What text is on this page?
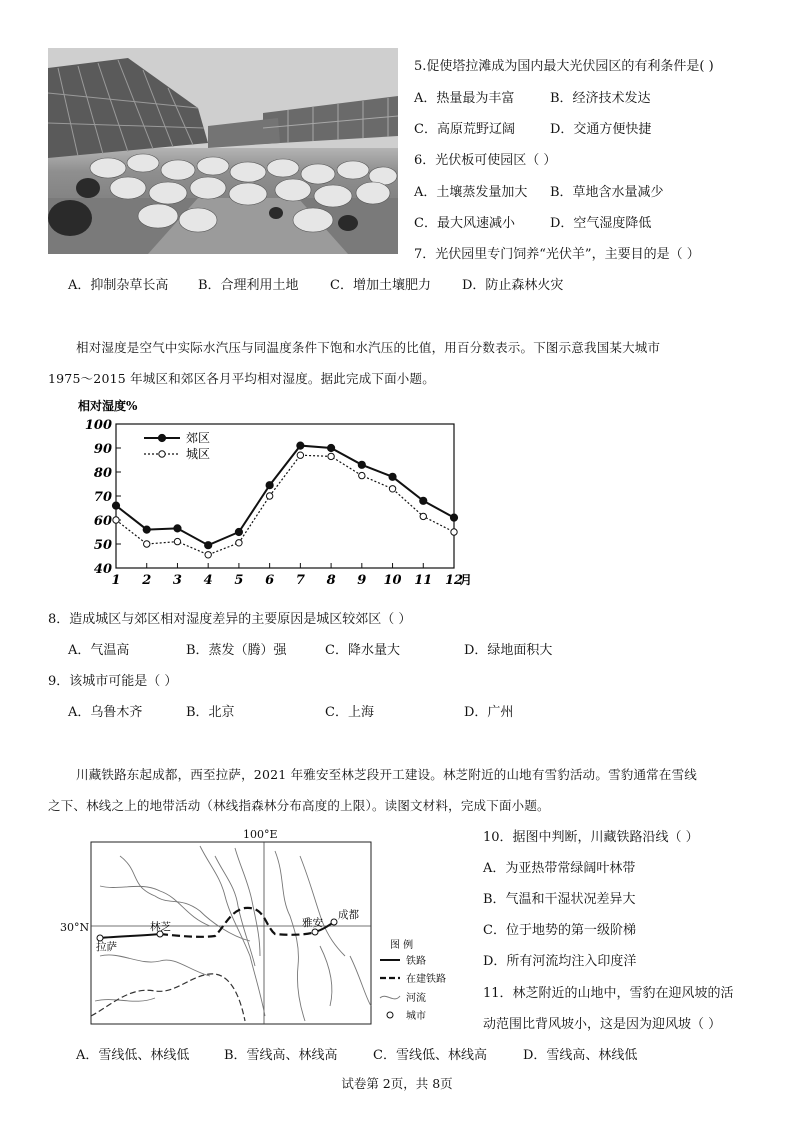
5.促使塔拉滩成为国内最大光伏园区的有利条件是( )
A．热量最为丰富	B．经济技术发达
C．高原荒野辽阔	D．交通方便快捷
6．光伏板可使园区（ ）
A．土壤蒸发量加大 B．草地含水量减少
C．最大风速减小	D．空气湿度降低
7．光伏园里专门饲养“光伏羊”，主要目的是（ ）
A．抑制杂草长高 B．合理利用土地 C．增加土壤肥力 D．防止森林火灾
相对湿度是空气中实际水汽压与同温度条件下饱和水汽压的比值，用百分数表示。下图示意我国某大城市
1975～2015 年城区和郊区各月平均相对湿度。据此完成下面小题。
相对湿度%
40
50
60
70
80
90
100
1 2 3 4 5 6 7 8 9 10 11 12
月
郊区
城区
8．造成城区与郊区相对湿度差异的主要原因是城区较郊区（ ）
A．气温高	B．蒸发（腾）强	C．降水量大	D．绿地面积大
9．该城市可能是（ ）
A．乌鲁木齐	B．北京	C．上海	D．广州
川藏铁路东起成都，西至拉萨，2021 年雅安至林芝段开工建设。林芝附近的山地有雪豹活动。雪豹通常在雪线
之下、林线之上的地带活动（林线指森林分布高度的上限）。读图文材料，完成下面小题。
100°E
30°N
拉萨
林芝	雅安
成都
图 例
铁路
在建铁路
河流
城市
10．据图中判断，川藏铁路沿线（ ）
A．为亚热带常绿阔叶林带
B．气温和干湿状况差异大
C．位于地势的第一级阶梯
D．所有河流均注入印度洋
11．林芝附近的山地中，雪豹在迎风坡的活
动范围比背风坡小，这是因为迎风坡（ ）
A．雪线低、林线低	B．雪线高、林线高	C．雪线低、林线高	D．雪线高、林线低
试卷第 2页，共 8页
